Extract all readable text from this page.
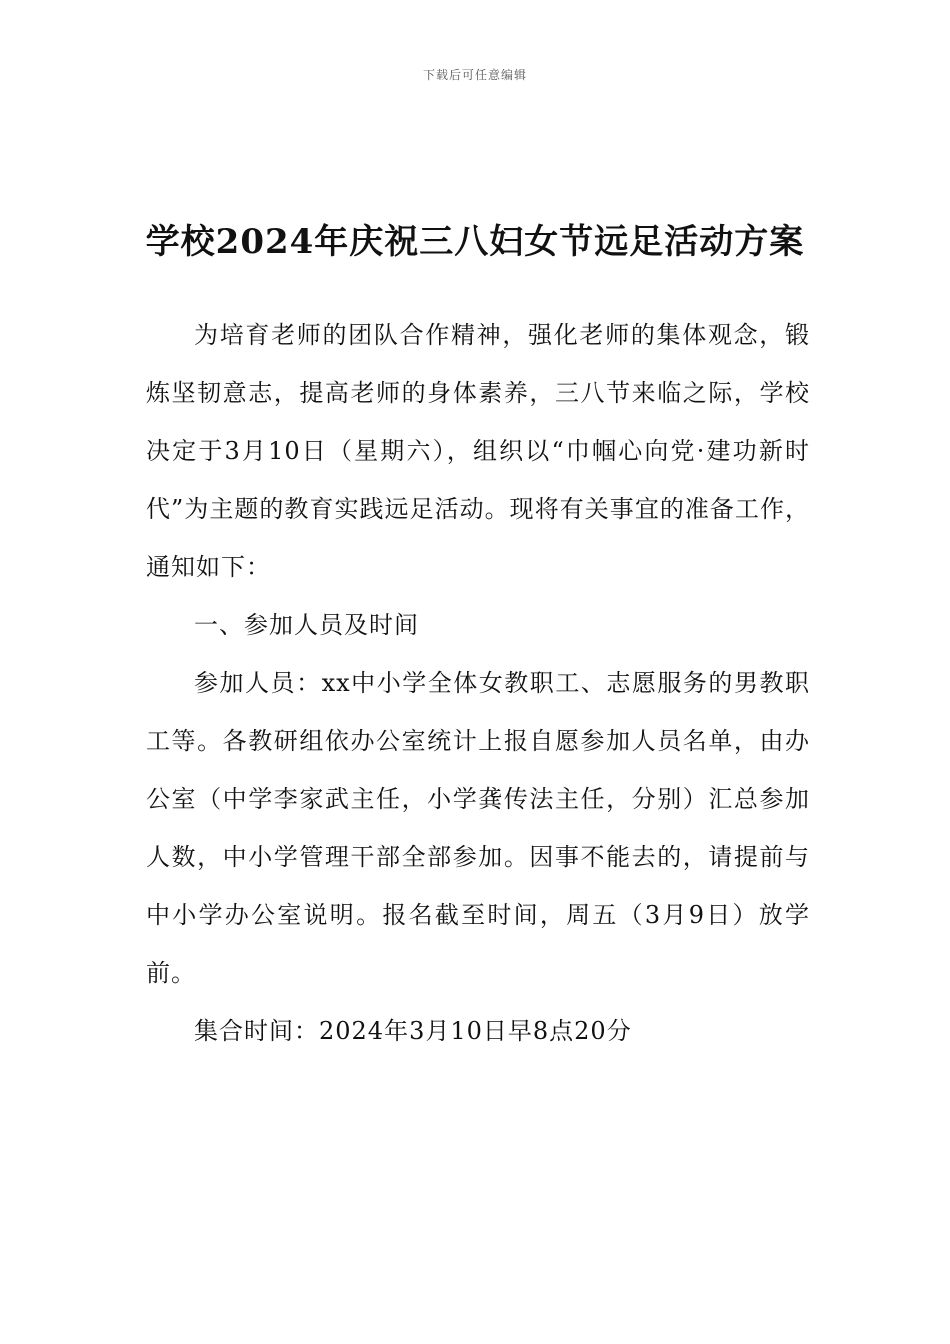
下载后可任意编辑
学校2024年庆祝三八妇女节远足活动方案

为培育老师的团队合作精神，强化老师的集体观念，锻炼坚韧意志，提高老师的身体素养，三八节来临之际，学校决定于3月10日（星期六），组织以“巾帼心向党·建功新时代”为主题的教育实践远足活动。现将有关事宜的准备工作，通知如下：

一、参加人员及时间

参加人员：xx中小学全体女教职工、志愿服务的男教职工等。各教研组依办公室统计上报自愿参加人员名单，由办公室（中学李家武主任，小学龚传法主任，分别）汇总参加人数，中小学管理干部全部参加。因事不能去的，请提前与中小学办公室说明。报名截至时间，周五（3月9日）放学前。

集合时间：2024年3月10日早8点20分
